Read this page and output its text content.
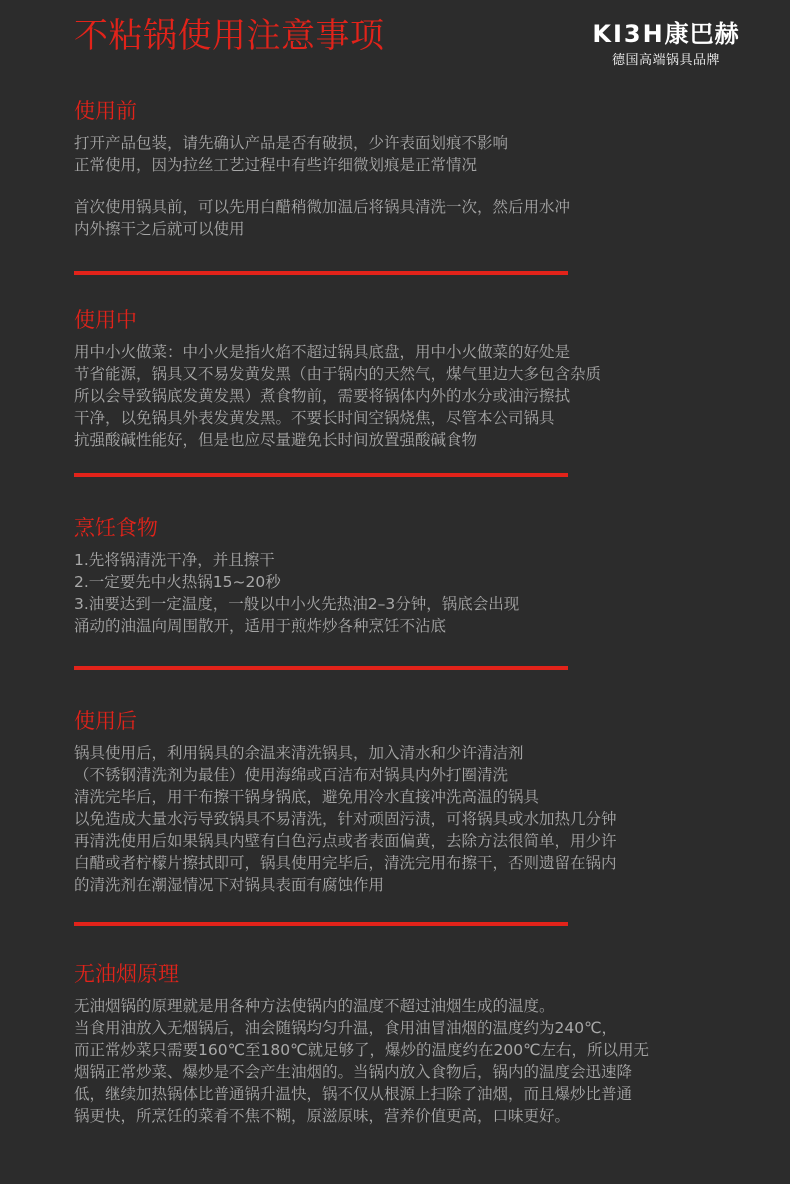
不粘锅使用注意事项	KI3H康巴赫
德国高端锅具品牌
使用前

打开产品包装，请先确认产品是否有破损，少许表面划痕不影响
正常使用，因为拉丝工艺过程中有些许细微划痕是正常情况

首次使用锅具前，可以先用白醋稍微加温后将锅具清洗一次，然后用水冲
内外擦干之后就可以使用

使用中

用中小火做菜：中小火是指火焰不超过锅具底盘，用中小火做菜的好处是
节省能源，锅具又不易发黄发黑（由于锅内的天然气，煤气里边大多包含杂质
所以会导致锅底发黄发黑）煮食物前，需要将锅体内外的水分或油污擦拭
干净，以免锅具外表发黄发黑。不要长时间空锅烧焦，尽管本公司锅具
抗强酸碱性能好，但是也应尽量避免长时间放置强酸碱食物

烹饪食物

1.先将锅清洗干净，并且擦干
2.一定要先中火热锅15~20秒
3.油要达到一定温度，一般以中小火先热油2–3分钟，锅底会出现
涌动的油温向周围散开，适用于煎炸炒各种烹饪不沾底

使用后

锅具使用后，利用锅具的余温来清洗锅具，加入清水和少许清洁剂
（不锈钢清洗剂为最佳）使用海绵或百洁布对锅具内外打圈清洗
清洗完毕后，用干布擦干锅身锅底，避免用冷水直接冲洗高温的锅具
以免造成大量水污导致锅具不易清洗，针对顽固污渍，可将锅具或水加热几分钟
再清洗使用后如果锅具内壁有白色污点或者表面偏黄，去除方法很简单，用少许
白醋或者柠檬片擦拭即可，锅具使用完毕后，清洗完用布擦干，否则遗留在锅内
的清洗剂在潮湿情况下对锅具表面有腐蚀作用

无油烟原理

无油烟锅的原理就是用各种方法使锅内的温度不超过油烟生成的温度。
当食用油放入无烟锅后，油会随锅均匀升温，食用油冒油烟的温度约为240℃，
而正常炒菜只需要160℃至180℃就足够了，爆炒的温度约在200℃左右，所以用无
烟锅正常炒菜、爆炒是不会产生油烟的。当锅内放入食物后，锅内的温度会迅速降
低，继续加热锅体比普通锅升温快，锅不仅从根源上扫除了油烟，而且爆炒比普通
锅更快，所烹饪的菜肴不焦不糊，原滋原味，营养价值更高，口味更好。
